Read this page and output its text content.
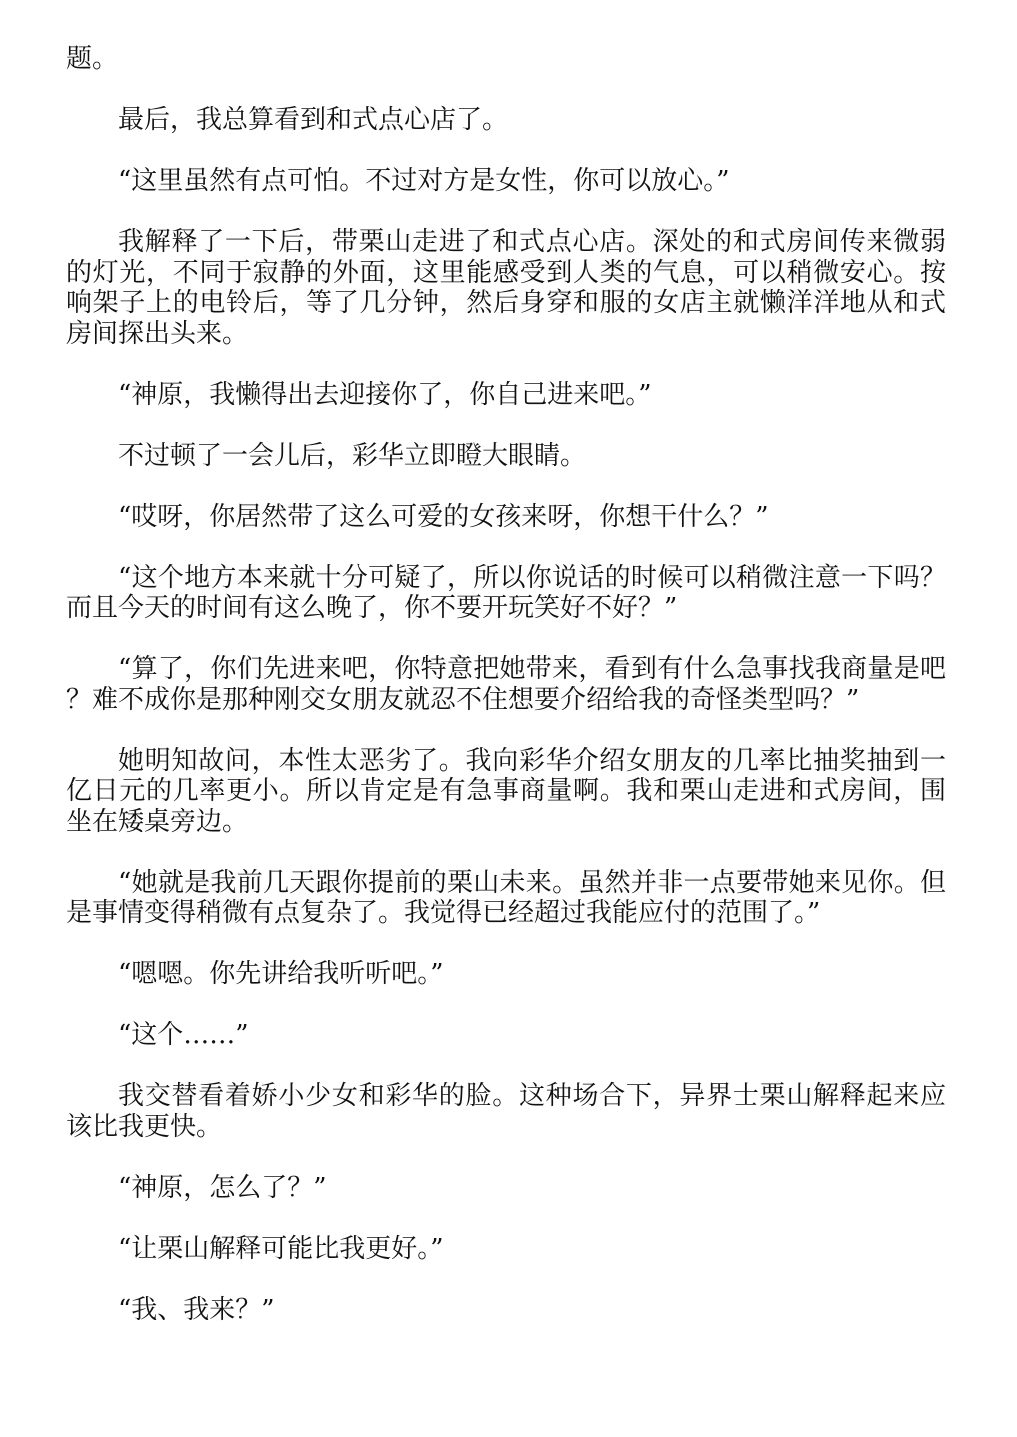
题。

最后，我总算看到和式点心店了。

“这里虽然有点可怕。不过对方是女性，你可以放心。”

我解释了一下后，带栗山走进了和式点心店。深处的和式房间传来微弱的灯光，不同于寂静的外面，这里能感受到人类的气息，可以稍微安心。按响架子上的电铃后，等了几分钟，然后身穿和服的女店主就懒洋洋地从和式房间探出头来。

“神原，我懒得出去迎接你了，你自己进来吧。”

不过顿了一会儿后，彩华立即瞪大眼睛。

“哎呀，你居然带了这么可爱的女孩来呀，你想干什么？”

“这个地方本来就十分可疑了，所以你说话的时候可以稍微注意一下吗？而且今天的时间有这么晚了，你不要开玩笑好不好？”

“算了，你们先进来吧，你特意把她带来，看到有什么急事找我商量是吧？难不成你是那种刚交女朋友就忍不住想要介绍给我的奇怪类型吗？”

她明知故问，本性太恶劣了。我向彩华介绍女朋友的几率比抽奖抽到一亿日元的几率更小。所以肯定是有急事商量啊。我和栗山走进和式房间，围坐在矮桌旁边。

“她就是我前几天跟你提前的栗山未来。虽然并非一点要带她来见你。但是事情变得稍微有点复杂了。我觉得已经超过我能应付的范围了。”

“嗯嗯。你先讲给我听听吧。”

“这个……”

我交替看着娇小少女和彩华的脸。这种场合下，异界士栗山解释起来应该比我更快。

“神原，怎么了？”

“让栗山解释可能比我更好。”

“我、我来？”
